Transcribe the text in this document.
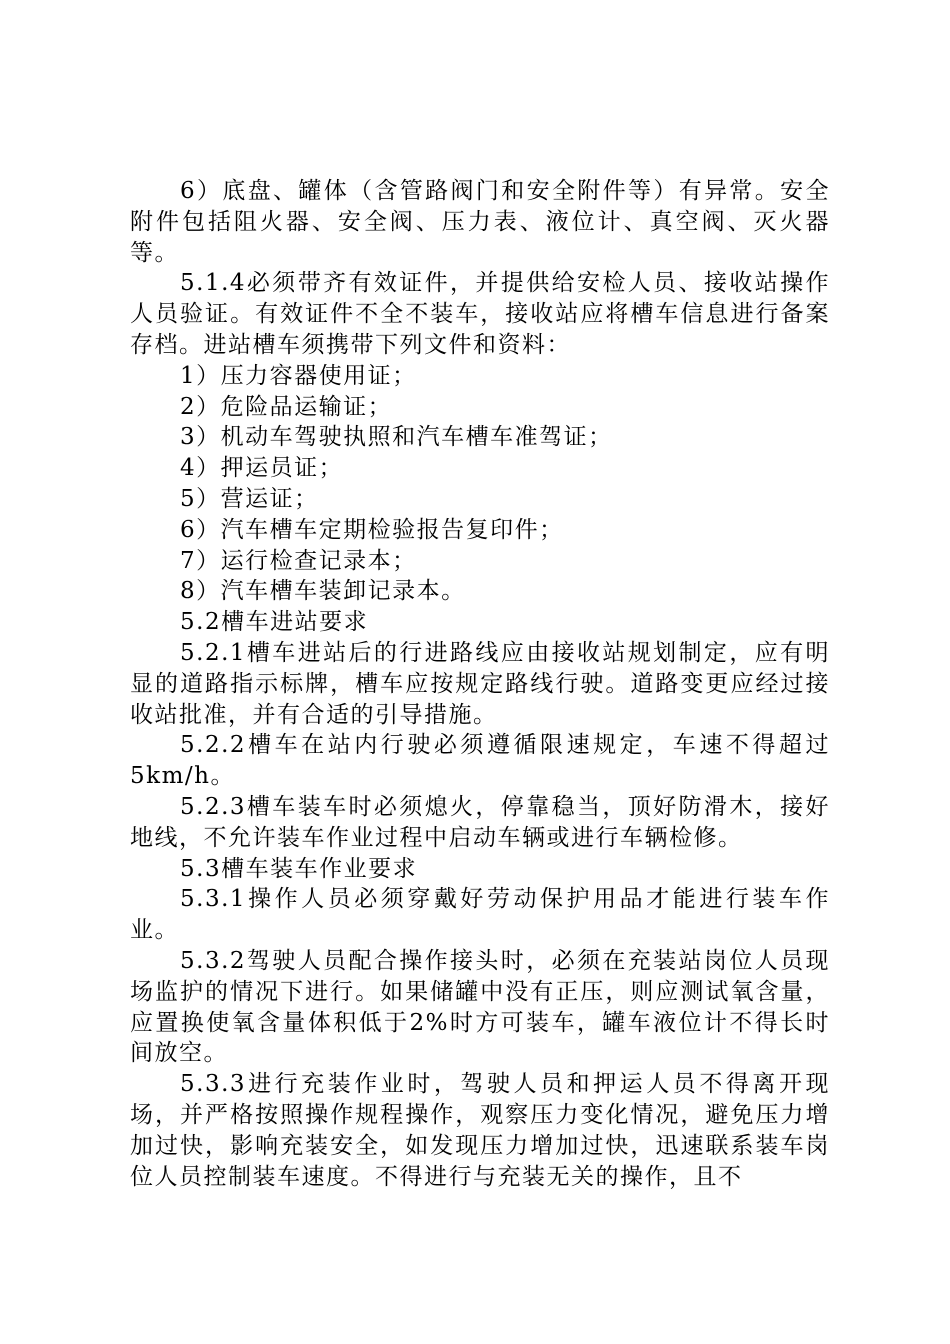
6）底盘、罐体（含管路阀门和安全附件等）有异常。安全附件包括阻火器、安全阀、压力表、液位计、真空阀、灭火器等。

5.1.4必须带齐有效证件，并提供给安检人员、接收站操作人员验证。有效证件不全不装车，接收站应将槽车信息进行备案存档。进站槽车须携带下列文件和资料：

1）压力容器使用证；

2）危险品运输证；

3）机动车驾驶执照和汽车槽车准驾证；

4）押运员证；

5）营运证；

6）汽车槽车定期检验报告复印件；

7）运行检查记录本；

8）汽车槽车装卸记录本。

5.2槽车进站要求

5.2.1槽车进站后的行进路线应由接收站规划制定，应有明显的道路指示标牌，槽车应按规定路线行驶。道路变更应经过接收站批准，并有合适的引导措施。

5.2.2槽车在站内行驶必须遵循限速规定，车速不得超过5km/h。

5.2.3槽车装车时必须熄火，停靠稳当，顶好防滑木，接好地线，不允许装车作业过程中启动车辆或进行车辆检修。

5.3槽车装车作业要求

5.3.1操作人员必须穿戴好劳动保护用品才能进行装车作业。

5.3.2驾驶人员配合操作接头时，必须在充装站岗位人员现场监护的情况下进行。如果储罐中没有正压，则应测试氧含量，应置换使氧含量体积低于2%时方可装车，罐车液位计不得长时间放空。

5.3.3进行充装作业时，驾驶人员和押运人员不得离开现场，并严格按照操作规程操作，观察压力变化情况，避免压力增加过快，影响充装安全，如发现压力增加过快，迅速联系装车岗位人员控制装车速度。不得进行与充装无关的操作，且不
